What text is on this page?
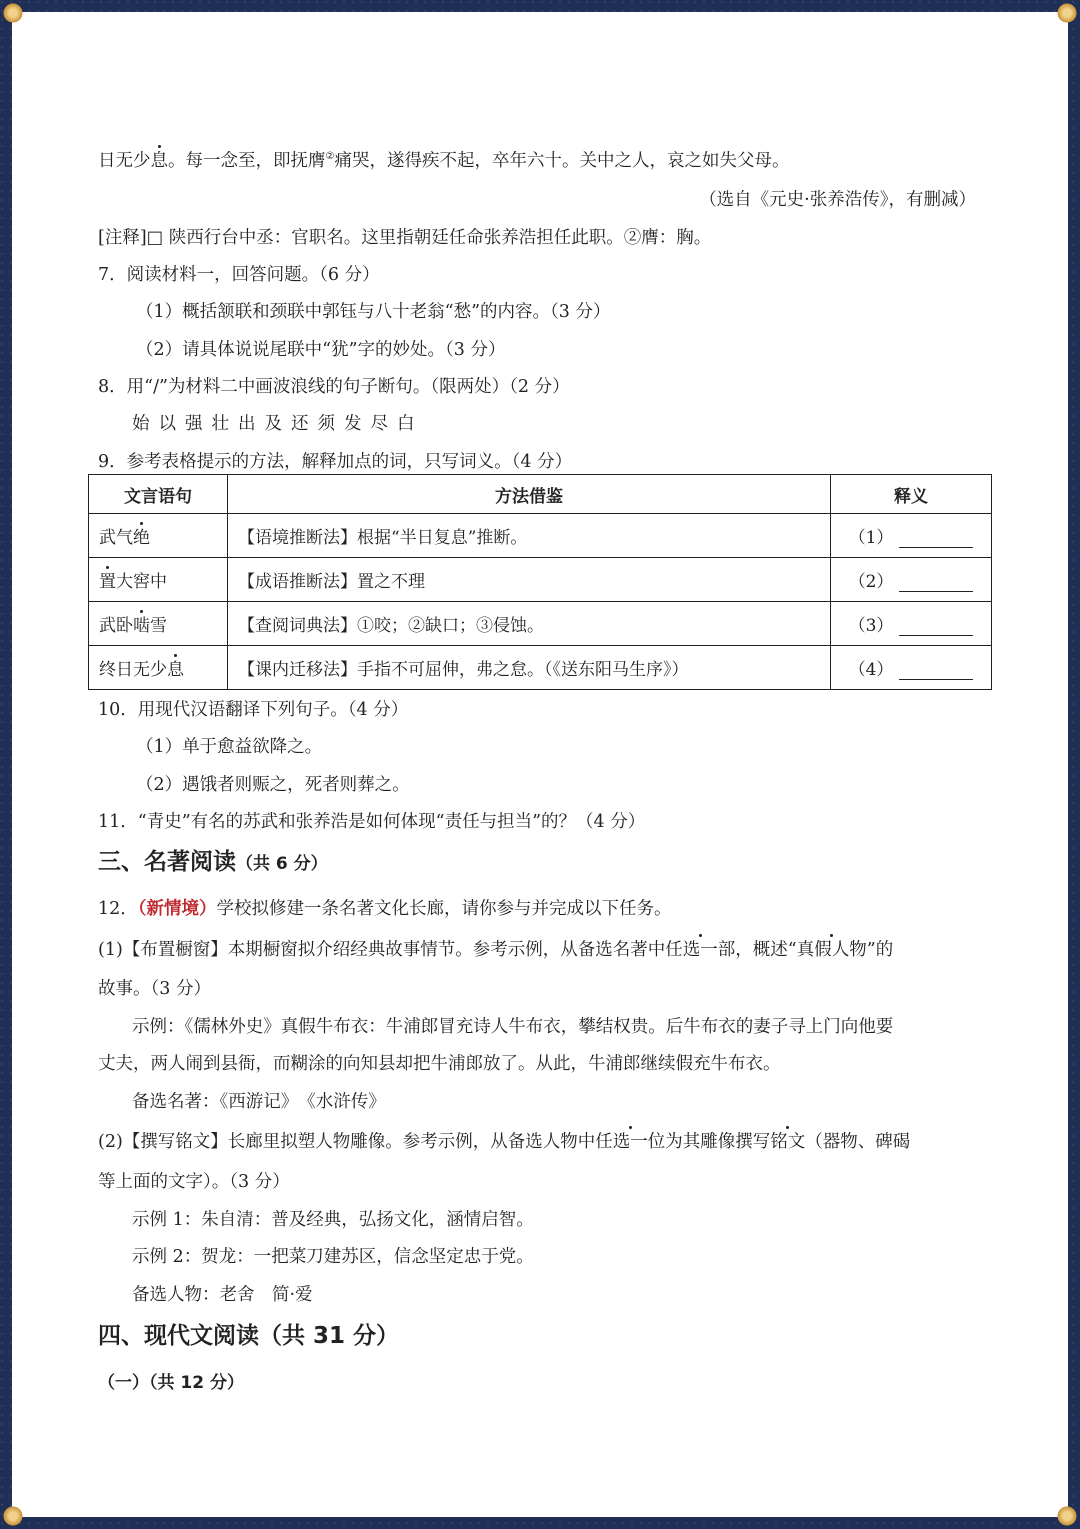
日无少息。每一念至，即抚膺②痛哭，遂得疾不起，卒年六十。关中之人，哀之如失父母。
（选自《元史·张养浩传》，有删减）
[注释]□ 陕西行台中丞：官职名。这里指朝廷任命张养浩担任此职。②膺：胸。
7．阅读材料一，回答问题。（6 分）
（1）概括颔联和颈联中郭钰与八十老翁“愁”的内容。（3 分）
（2）请具体说说尾联中“犹”字的妙处。（3 分）
8．用“/”为材料二中画波浪线的句子断句。（限两处）（2 分）
始以强壮出及还须发尽白
9．参考表格提示的方法，解释加点的词，只写词义。（4 分）
文言语句	方法借鉴	释义
武气绝	【语境推断法】根据“半日复息”推断。	（1）
置大窖中	【成语推断法】置之不理	（2）
武卧啮雪	【查阅词典法】①咬；②缺口；③侵蚀。	（3）
终日无少息	【课内迁移法】手指不可屈伸，弗之怠。（《送东阳马生序》）	（4）
10．用现代汉语翻译下列句子。（4 分）
（1）单于愈益欲降之。
（2）遇饿者则赈之，死者则葬之。
11．“青史”有名的苏武和张养浩是如何体现“责任与担当”的？（4 分）
三、名著阅读（共 6 分）
12．（新情境）学校拟修建一条名著文化长廊，请你参与并完成以下任务。
(1)【布置橱窗】本期橱窗拟介绍经典故事情节。参考示例，从备选名著中任选一部，概述“真假人物”的
故事。（3 分）
示例：《儒林外史》真假牛布衣：牛浦郎冒充诗人牛布衣，攀结权贵。后牛布衣的妻子寻上门向他要
丈夫，两人闹到县衙，而糊涂的向知县却把牛浦郎放了。从此，牛浦郎继续假充牛布衣。
备选名著：《西游记》　《水浒传》
(2)【撰写铭文】长廊里拟塑人物雕像。参考示例，从备选人物中任选一位为其雕像撰写铭文（器物、碑碣
等上面的文字）。（3 分）
示例 1：朱自清：普及经典，弘扬文化，涵情启智。
示例 2：贺龙：一把菜刀建苏区，信念坚定忠于党。
备选人物：老舍　简·爱
四、现代文阅读（共 31 分）
（一）（共 12 分）
